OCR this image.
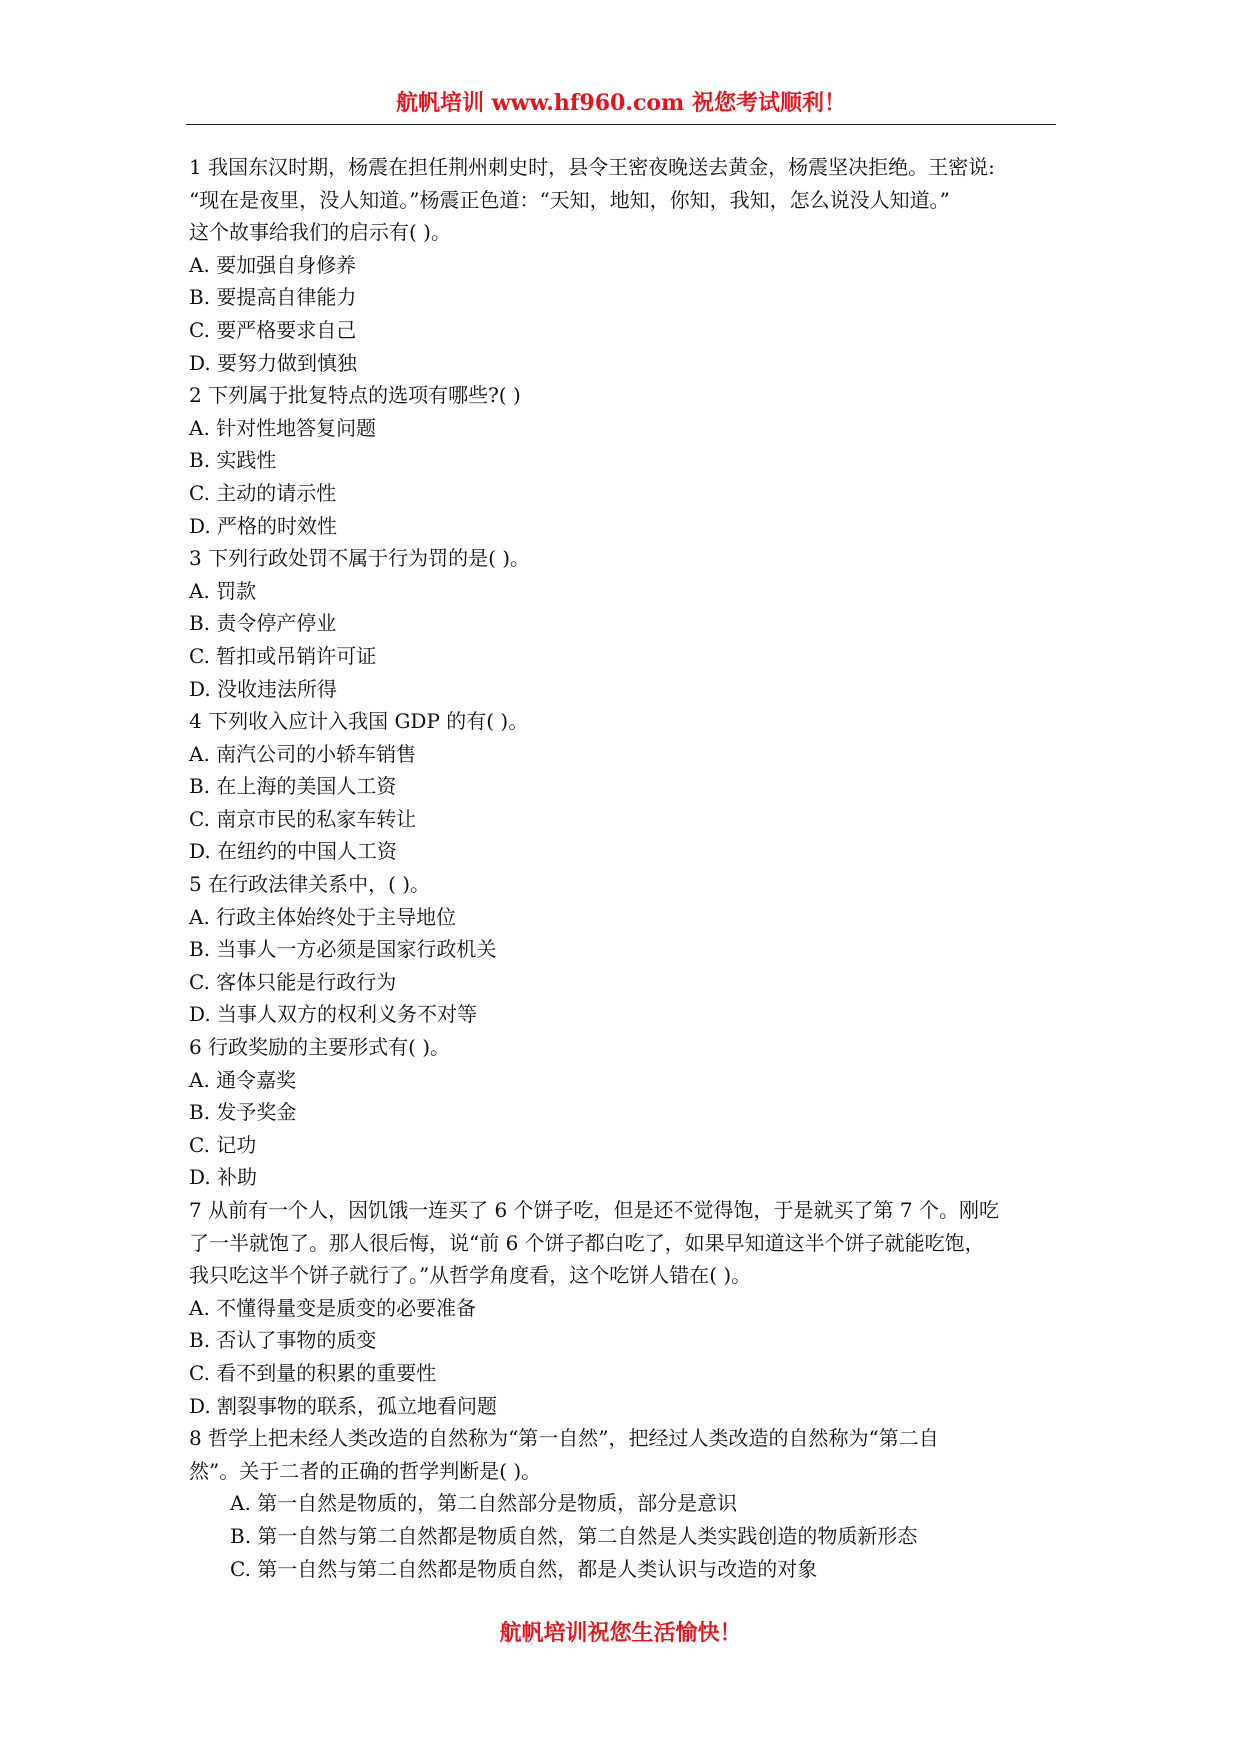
航帆培训 www.hf960.com 祝您考试顺利！
1 我国东汉时期，杨震在担任荆州刺史时，县令王密夜晚送去黄金，杨震坚决拒绝。王密说:
“现在是夜里，没人知道。”杨震正色道：“天知，地知，你知，我知，怎么说没人知道。”
这个故事给我们的启示有( )。
A. 要加强自身修养
B. 要提高自律能力
C. 要严格要求自己
D. 要努力做到慎独
2 下列属于批复特点的选项有哪些?( )
A. 针对性地答复问题
B. 实践性
C. 主动的请示性
D. 严格的时效性
3 下列行政处罚不属于行为罚的是( )。
A. 罚款
B. 责令停产停业
C. 暂扣或吊销许可证
D. 没收违法所得
4 下列收入应计入我国 GDP 的有( )。
A. 南汽公司的小轿车销售
B. 在上海的美国人工资
C. 南京市民的私家车转让
D. 在纽约的中国人工资
5 在行政法律关系中，( )。
A. 行政主体始终处于主导地位
B. 当事人一方必须是国家行政机关
C. 客体只能是行政行为
D. 当事人双方的权利义务不对等
6 行政奖励的主要形式有( )。
A. 通令嘉奖
B. 发予奖金
C. 记功
D. 补助
7 从前有一个人，因饥饿一连买了 6 个饼子吃，但是还不觉得饱，于是就买了第 7 个。刚吃
了一半就饱了。那人很后悔，说“前 6 个饼子都白吃了，如果早知道这半个饼子就能吃饱，
我只吃这半个饼子就行了。”从哲学角度看，这个吃饼人错在( )。
A. 不懂得量变是质变的必要准备
B. 否认了事物的质变
C. 看不到量的积累的重要性
D. 割裂事物的联系，孤立地看问题
8 哲学上把未经人类改造的自然称为“第一自然”，把经过人类改造的自然称为“第二自
然”。关于二者的正确的哲学判断是( )。
A. 第一自然是物质的，第二自然部分是物质，部分是意识
B. 第一自然与第二自然都是物质自然，第二自然是人类实践创造的物质新形态
C. 第一自然与第二自然都是物质自然，都是人类认识与改造的对象
航帆培训祝您生活愉快！
